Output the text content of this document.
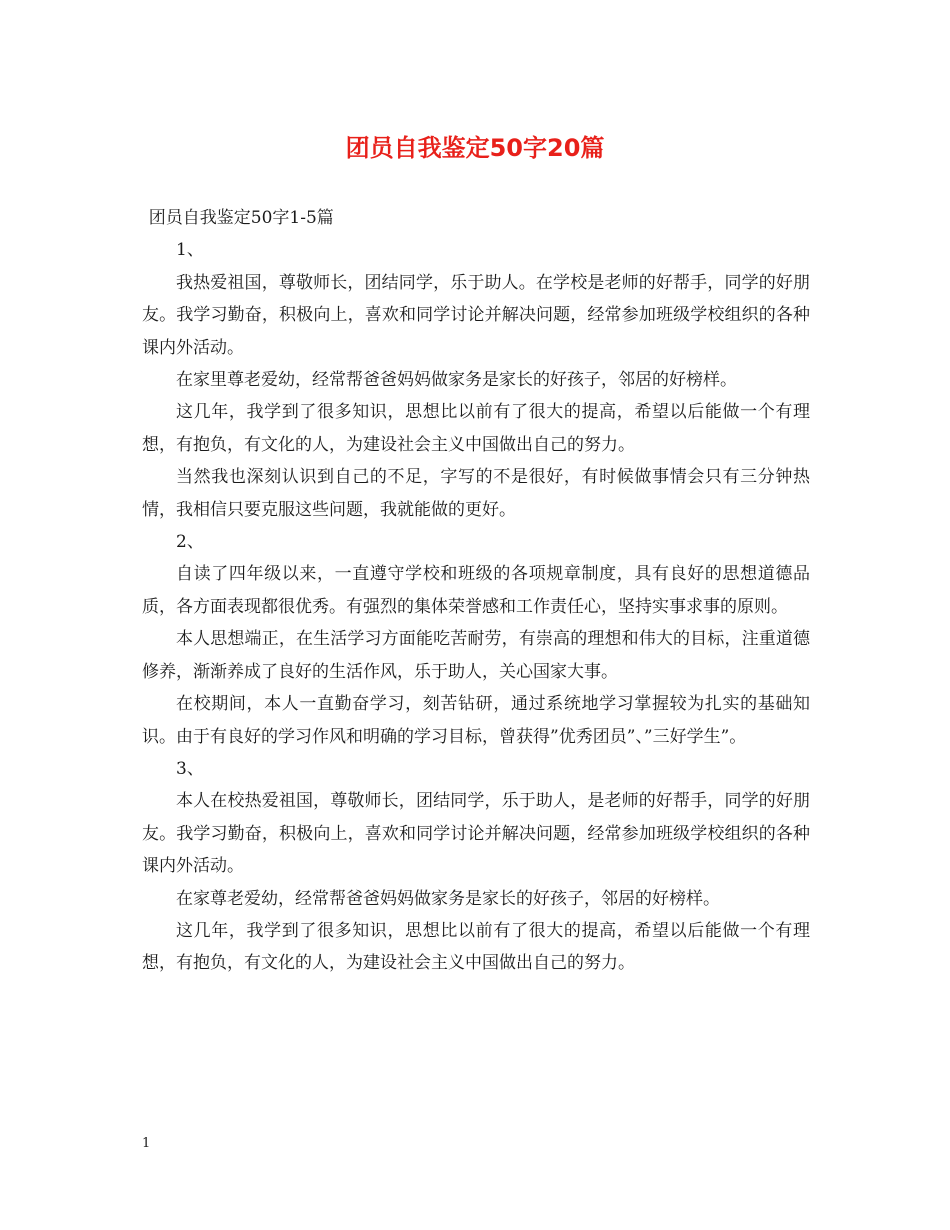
团员自我鉴定50字20篇

团员自我鉴定50字1-5篇

1、

我热爱祖国，尊敬师长，团结同学，乐于助人。在学校是老师的好帮手，同学的好朋友。我学习勤奋，积极向上，喜欢和同学讨论并解决问题，经常参加班级学校组织的各种课内外活动。

在家里尊老爱幼，经常帮爸爸妈妈做家务是家长的好孩子，邻居的好榜样。

这几年，我学到了很多知识，思想比以前有了很大的提高，希望以后能做一个有理想，有抱负，有文化的人，为建设社会主义中国做出自己的努力。

当然我也深刻认识到自己的不足，字写的不是很好，有时候做事情会只有三分钟热情，我相信只要克服这些问题，我就能做的更好。

2、

自读了四年级以来，一直遵守学校和班级的各项规章制度，具有良好的思想道德品质，各方面表现都很优秀。有强烈的集体荣誉感和工作责任心，坚持实事求事的原则。

本人思想端正，在生活学习方面能吃苦耐劳，有崇高的理想和伟大的目标，注重道德修养，渐渐养成了良好的生活作风，乐于助人，关心国家大事。

在校期间，本人一直勤奋学习，刻苦钻研，通过系统地学习掌握较为扎实的基础知识。由于有良好的学习作风和明确的学习目标，曾获得”优秀团员”、”三好学生”。

3、

本人在校热爱祖国，尊敬师长，团结同学，乐于助人，是老师的好帮手，同学的好朋友。我学习勤奋，积极向上，喜欢和同学讨论并解决问题，经常参加班级学校组织的各种课内外活动。

在家尊老爱幼，经常帮爸爸妈妈做家务是家长的好孩子，邻居的好榜样。

这几年，我学到了很多知识，思想比以前有了很大的提高，希望以后能做一个有理想，有抱负，有文化的人，为建设社会主义中国做出自己的努力。

1
